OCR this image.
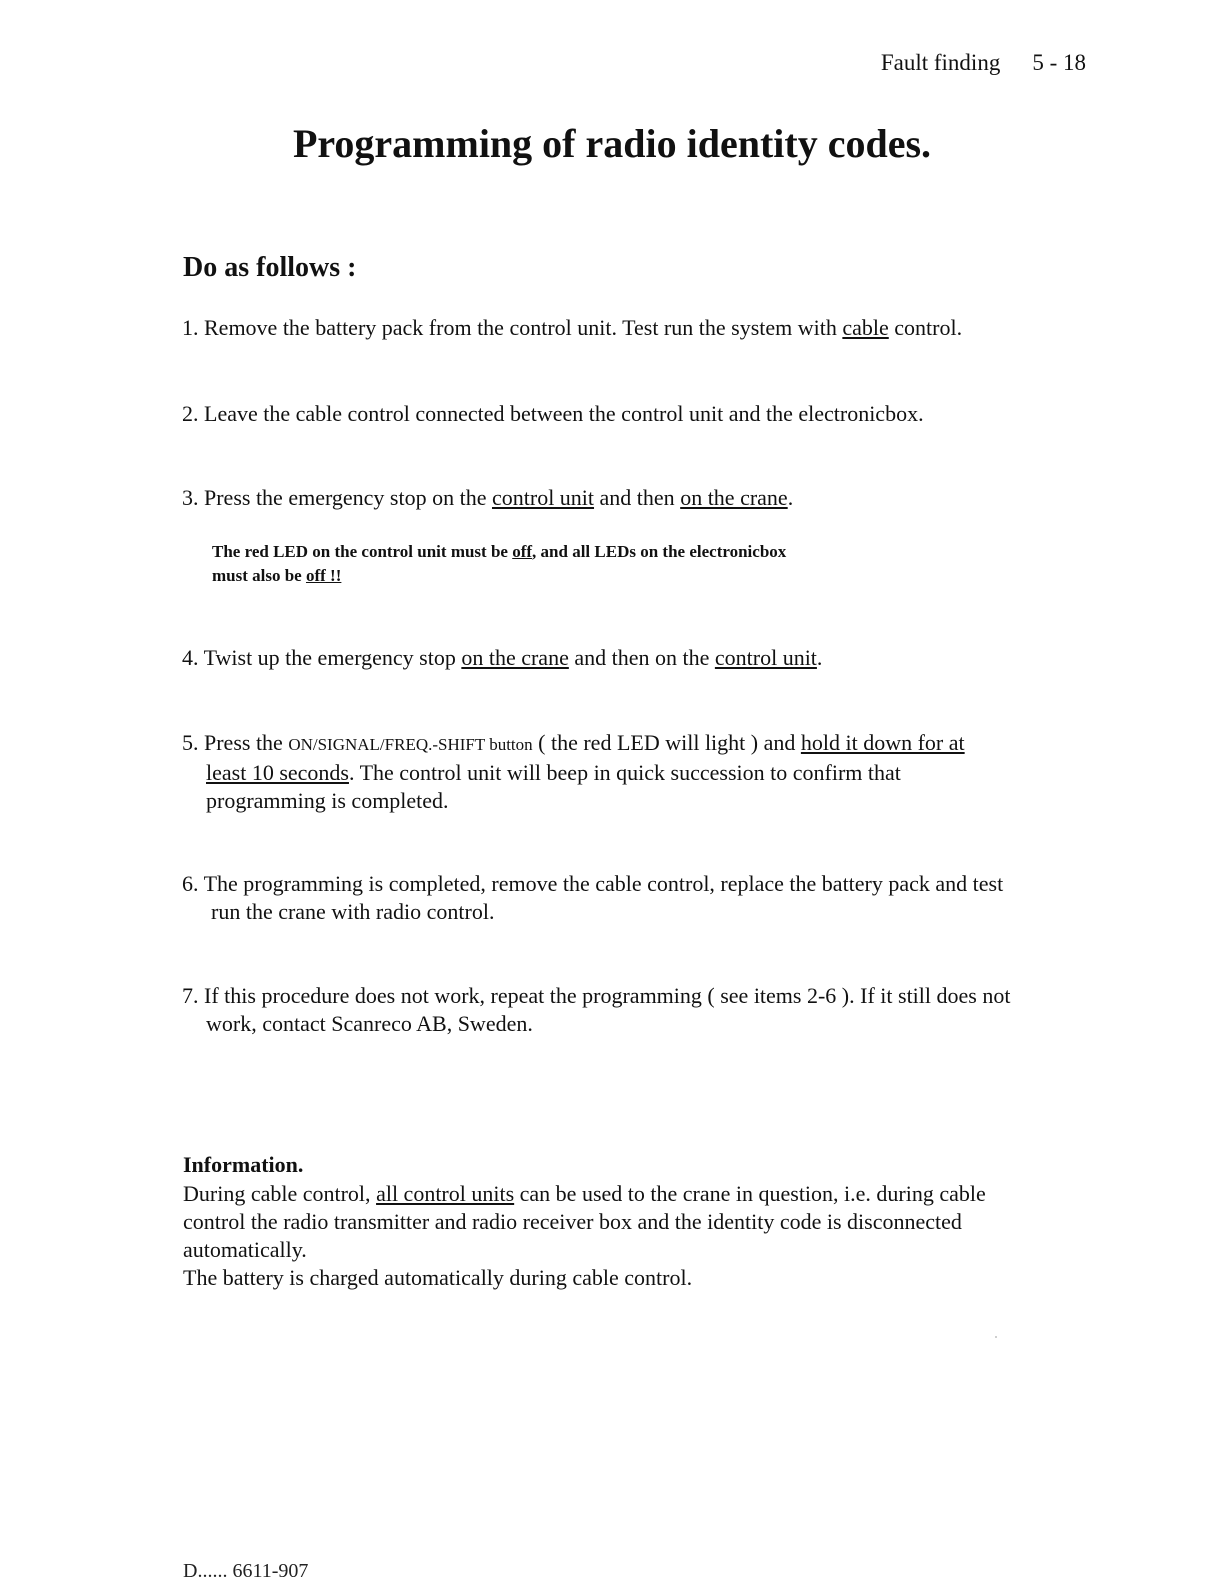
Fault finding 5 - 18
Programming of radio identity codes.
Do as follows :

1. Remove the battery pack from the control unit. Test run the system with cable control.

2. Leave the cable control connected between the control unit and the electronicbox.

3. Press the emergency stop on the control unit and then on the crane.

The red LED on the control unit must be off, and all LEDs on the electronicbox
must also be off !!

4. Twist up the emergency stop on the crane and then on the control unit.

5. Press the ON/SIGNAL/FREQ.-SHIFT button ( the red LED will light ) and hold it down for at
least 10 seconds. The control unit will beep in quick succession to confirm that
programming is completed.

6. The programming is completed, remove the cable control, replace the battery pack and test
run the crane with radio control.

7. If this procedure does not work, repeat the programming ( see items 2-6 ). If it still does not
work, contact Scanreco AB, Sweden.

Information.

During cable control, all control units can be used to the crane in question, i.e. during cable
control the radio transmitter and radio receiver box and the identity code is disconnected
automatically.
The battery is charged automatically during cable control.

D...... 6611-907
